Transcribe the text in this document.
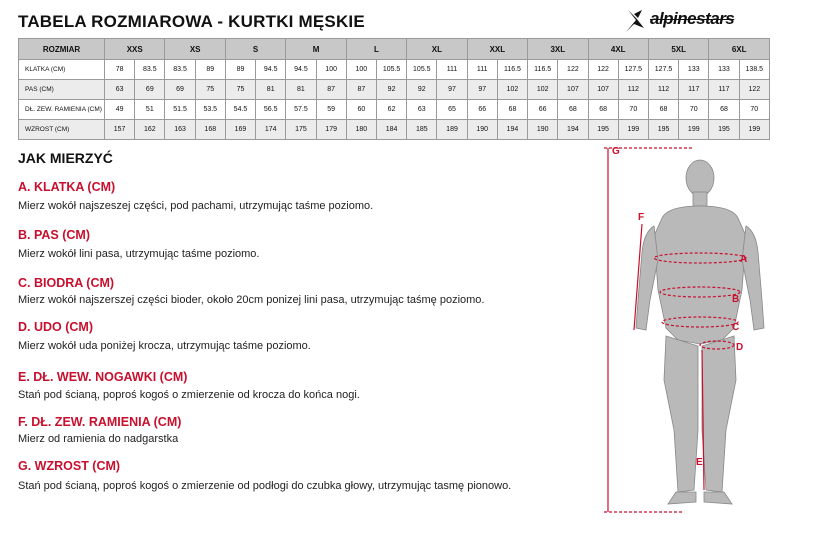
TABELA ROZMIAROWA - KURTKI MĘSKIE	alpinestars
ROZMIAR	XXS		XS		S		M		L		XL		XXL		3XL		4XL		5XL		6XL	
KLATKA (CM)	78	83.5	83.5	89	89	94.5	94.5	100	100	105.5	105.5	111	111	116.5	116.5	122	122	127.5	127.5	133	133	138.5
PAS (CM)	63	69	69	75	75	81	81	87	87	92	92	97	97	102	102	107	107	112	112	117	117	122
DŁ. ZEW. RAMIENIA (CM)	49	51	51.5	53.5	54.5	56.5	57.5	59	60	62	63	65	66	68	66	68	68	70	68	70	68	70
WZROST (CM)	157	162	163	168	169	174	175	179	180	184	185	189	190	194	190	194	195	199	195	199	195	199
JAK MIERZYĆ
A. KLATKA (CM)
Mierz wokół najszeszej części, pod pachami, utrzymując taśme poziomo.
B. PAS (CM)
Mierz wokół lini pasa, utrzymując taśme poziomo.
C. BIODRA (CM)
Mierz wokół najszerszej części bioder, około 20cm ponizej lini pasa, utrzymując taśmę poziomo.
D. UDO (CM)
Mierz wokół uda poniżej krocza, utrzymując taśme poziomo.
E. DŁ. WEW. NOGAWKI (CM)
Stań pod ścianą, poproś kogoś o zmierzenie od krocza do końca nogi.
F. DŁ. ZEW. RAMIENIA (CM)
Mierz od ramienia do nadgarstka
G. WZROST (CM)
Stań pod ścianą, poproś kogoś o zmierzenie od podłogi do czubka głowy, utrzymując tasmę pionowo.
A
B
C
D
E
F
G
